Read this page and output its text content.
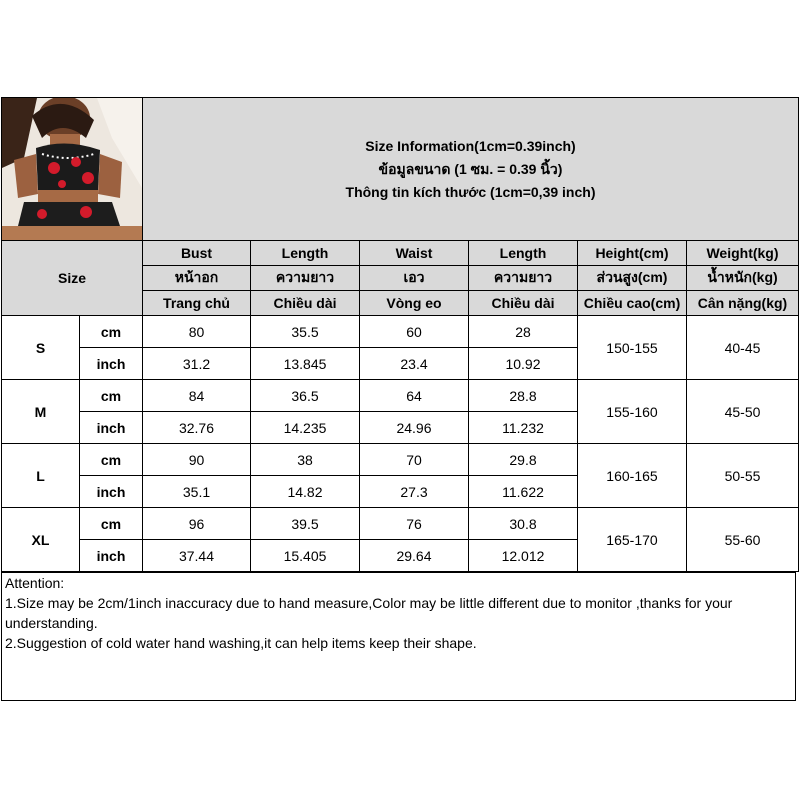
Size Information(1cm=0.39inch)
ข้อมูลขนาด (1 ซม. = 0.39 นิ้ว)
Thông tin kích thước (1cm=0,39 inch)					

Size		Bust	Length	Waist	Length	Height(cm)	Weight(kg)
		หน้าอก	ความยาว	เอว	ความยาว	ส่วนสูง(cm)	น้ำหนัก(kg)
		Trang chủ	Chiều dài	Vòng eo	Chiều dài	Chiều cao(cm)	Cân nặng(kg)
S	cm	80	35.5	60	28	150-155	40-45
	inch	31.2	13.845	23.4	10.92		
M	cm	84	36.5	64	28.8	155-160	45-50
	inch	32.76	14.235	24.96	11.232		
L	cm	90	38	70	29.8	160-165	50-55
	inch	35.1	14.82	27.3	11.622		
XL	cm	96	39.5	76	30.8	165-170	55-60
	inch	37.44	15.405	29.64	12.012		
Attention:
1.Size may be 2cm/1inch inaccuracy due to hand measure,Color may be little different due to monitor ,thanks for your understanding.
2.Suggestion of cold water hand washing,it can help items keep their shape.
